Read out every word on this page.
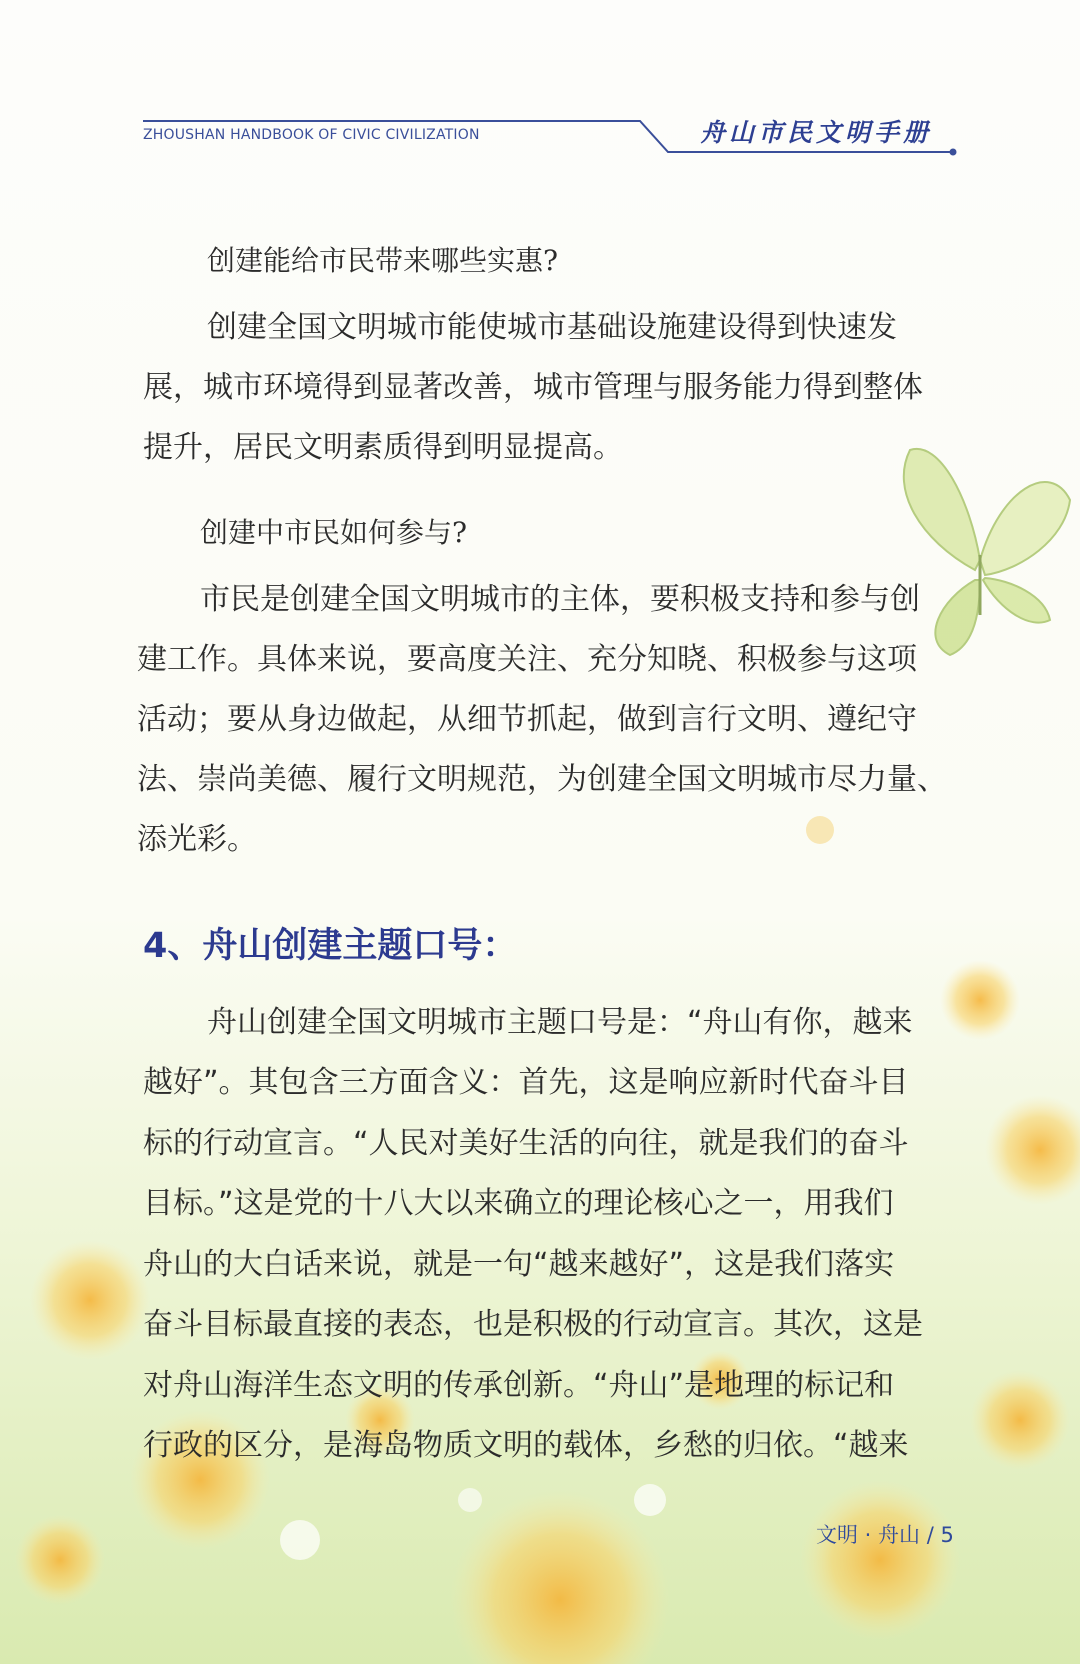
ZHOUSHAN HANDBOOK OF CIVIC CIVILIZATION	舟山市民文明手册
创建能给市民带来哪些实惠?
创建全国文明城市能使城市基础设施建设得到快速发
展，城市环境得到显著改善，城市管理与服务能力得到整体
提升，居民文明素质得到明显提高。
创建中市民如何参与?
市民是创建全国文明城市的主体，要积极支持和参与创
建工作。具体来说，要高度关注、充分知晓、积极参与这项
活动；要从身边做起，从细节抓起，做到言行文明、遵纪守
法、崇尚美德、履行文明规范，为创建全国文明城市尽力量、
添光彩。
4、舟山创建主题口号：
舟山创建全国文明城市主题口号是：“舟山有你，越来
越好”。其包含三方面含义：首先，这是响应新时代奋斗目
标的行动宣言。“人民对美好生活的向往，就是我们的奋斗
目标。”这是党的十八大以来确立的理论核心之一，用我们
舟山的大白话来说，就是一句“越来越好”，这是我们落实
奋斗目标最直接的表态，也是积极的行动宣言。其次，这是
对舟山海洋生态文明的传承创新。“舟山”是地理的标记和
行政的区分，是海岛物质文明的载体，乡愁的归依。“越来
文明 · 舟山 / 5
